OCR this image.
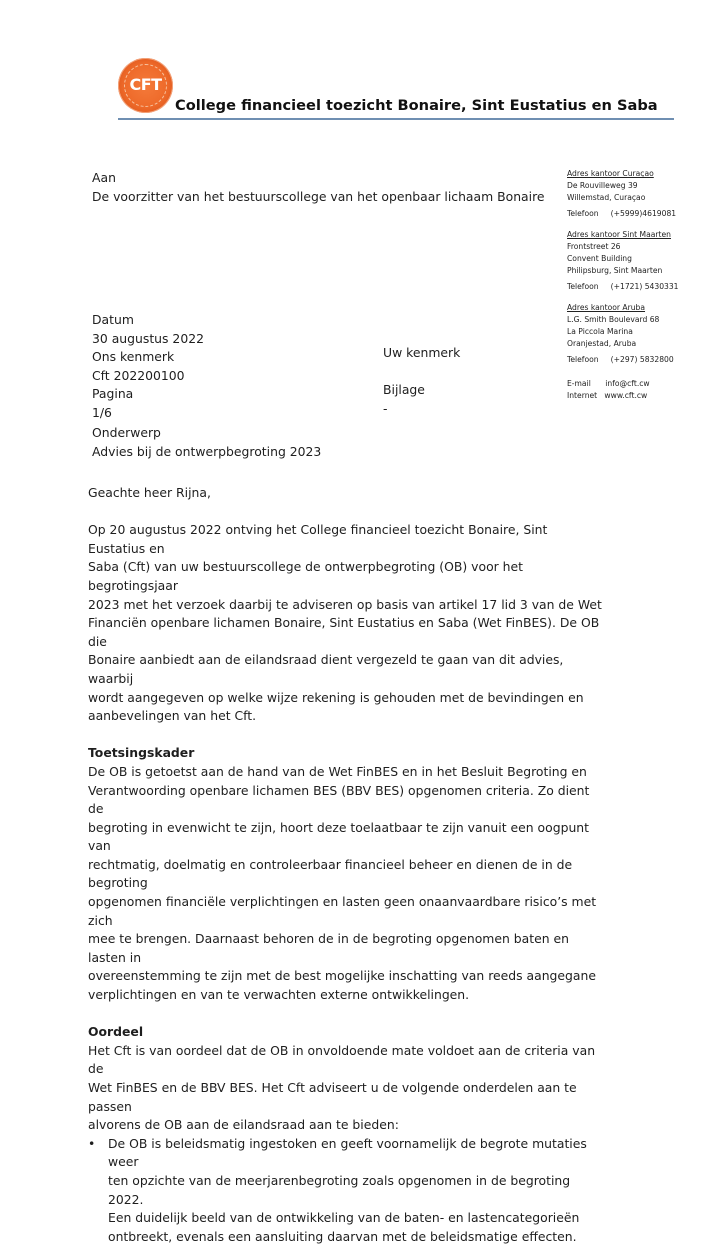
CFT
College financieel toezicht Bonaire, Sint Eustatius en Saba
Adres kantoor Curaçao
De Rouvilleweg 39
Willemstad, Curaçao
Telefoon (+5999)4619081
Adres kantoor Sint Maarten
Frontstreet 26
Convent Building
Philipsburg, Sint Maarten
Telefoon (+1721) 5430331
Adres kantoor Aruba
L.G. Smith Boulevard 68
La Piccola Marina
Oranjestad, Aruba
Telefoon (+297) 5832800
E-mail info@cft.cw
Internet www.cft.cw
Aan
De voorzitter van het bestuurscollege van het openbaar lichaam Bonaire
Datum
30 augustus 2022
Ons kenmerk
Cft 202200100
Pagina
1/6
Uw kenmerk
Bijlage
-
Onderwerp
Advies bij de ontwerpbegroting 2023

Geachte heer Rijna,

Op 20 augustus 2022 ontving het College financieel toezicht Bonaire, Sint Eustatius en
Saba (Cft) van uw bestuurscollege de ontwerpbegroting (OB) voor het begrotingsjaar
2023 met het verzoek daarbij te adviseren op basis van artikel 17 lid 3 van de Wet
Financiën openbare lichamen Bonaire, Sint Eustatius en Saba (Wet FinBES). De OB die
Bonaire aanbiedt aan de eilandsraad dient vergezeld te gaan van dit advies, waarbij
wordt aangegeven op welke wijze rekening is gehouden met de bevindingen en
aanbevelingen van het Cft.
Toetsingskader
De OB is getoetst aan de hand van de Wet FinBES en in het Besluit Begroting en
Verantwoording openbare lichamen BES (BBV BES) opgenomen criteria. Zo dient de
begroting in evenwicht te zijn, hoort deze toelaatbaar te zijn vanuit een oogpunt van
rechtmatig, doelmatig en controleerbaar financieel beheer en dienen de in de begroting
opgenomen financiële verplichtingen en lasten geen onaanvaardbare risico’s met zich
mee te brengen. Daarnaast behoren de in de begroting opgenomen baten en lasten in
overeenstemming te zijn met de best mogelijke inschatting van reeds aangegane
verplichtingen en van te verwachten externe ontwikkelingen.
Oordeel
Het Cft is van oordeel dat de OB in onvoldoende mate voldoet aan de criteria van de
Wet FinBES en de BBV BES. Het Cft adviseert u de volgende onderdelen aan te passen
alvorens de OB aan de eilandsraad aan te bieden:
• De OB is beleidsmatig ingestoken en geeft voornamelijk de begrote mutaties weer
ten opzichte van de meerjarenbegroting zoals opgenomen in de begroting 2022.
Een duidelijk beeld van de ontwikkeling van de baten- en lastencategorieën
ontbreekt, evenals een aansluiting daarvan met de beleidsmatige effecten.
